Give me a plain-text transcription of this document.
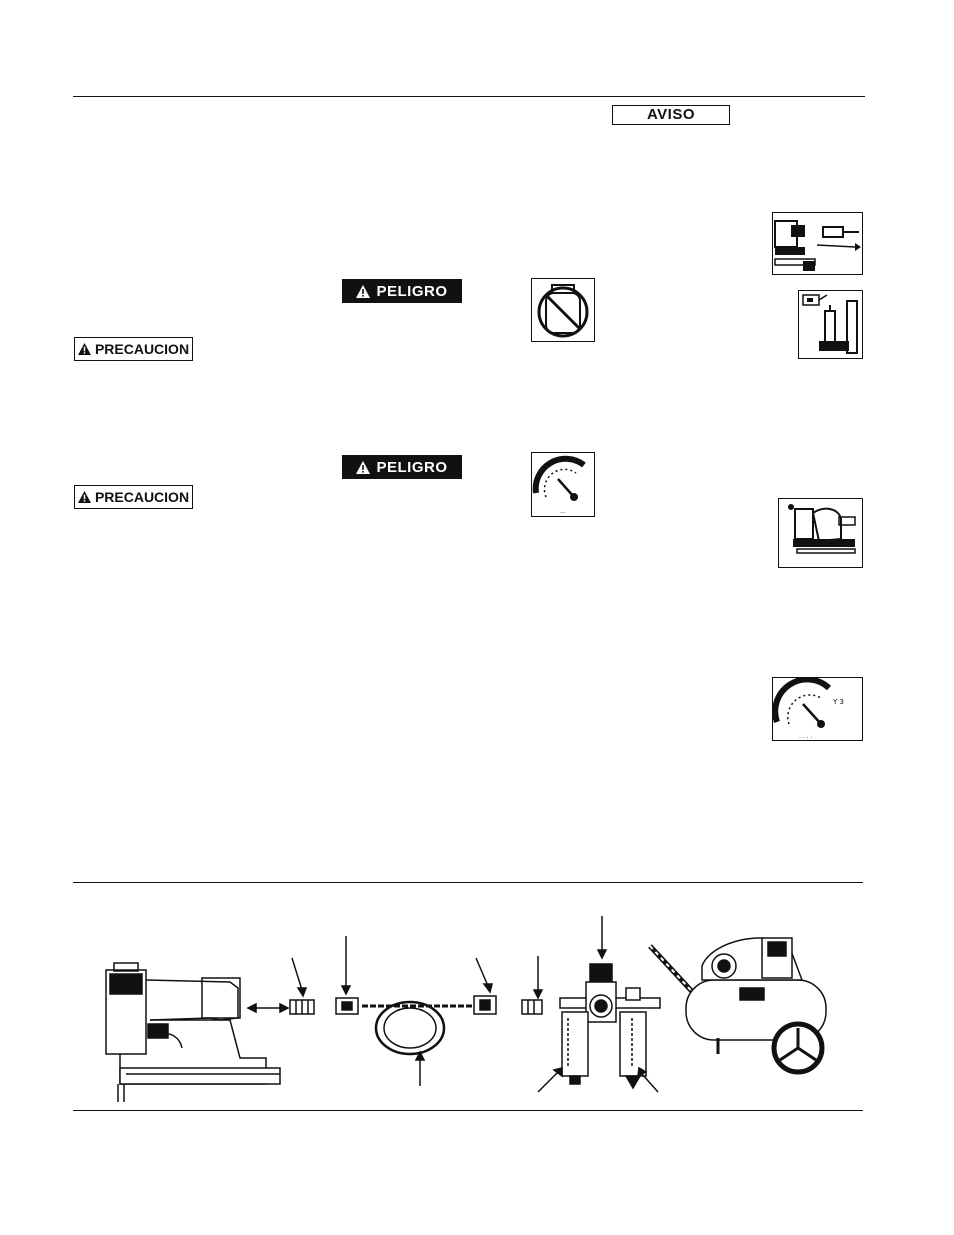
AVISO
PELIGRO
PELIGRO
PRECAUCION
PRECAUCION
...
Y 3
. . . .
